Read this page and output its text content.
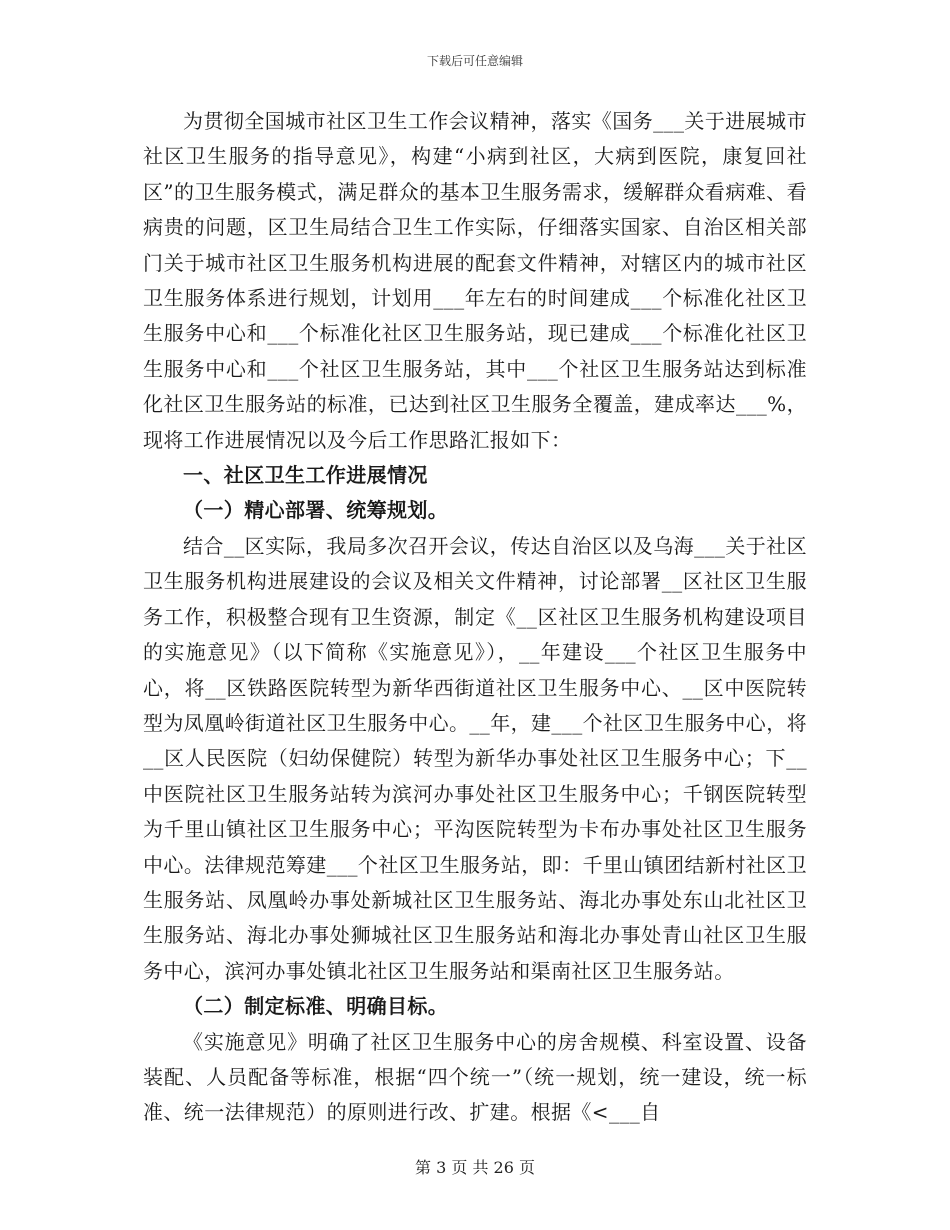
下载后可任意编辑

为贯彻全国城市社区卫生工作会议精神，落实《国务___关于进展城市社区卫生服务的指导意见》，构建“小病到社区，大病到医院，康复回社区”的卫生服务模式，满足群众的基本卫生服务需求，缓解群众看病难、看病贵的问题，区卫生局结合卫生工作实际，仔细落实国家、自治区相关部门关于城市社区卫生服务机构进展的配套文件精神，对辖区内的城市社区卫生服务体系进行规划，计划用___年左右的时间建成___个标准化社区卫生服务中心和___个标准化社区卫生服务站，现已建成___个标准化社区卫生服务中心和___个社区卫生服务站，其中___个社区卫生服务站达到标准化社区卫生服务站的标准，已达到社区卫生服务全覆盖，建成率达___%，现将工作进展情况以及今后工作思路汇报如下：

一、社区卫生工作进展情况
（一）精心部署、统筹规划。

结合__区实际，我局多次召开会议，传达自治区以及乌海___关于社区卫生服务机构进展建设的会议及相关文件精神，讨论部署__区社区卫生服务工作，积极整合现有卫生资源，制定《__区社区卫生服务机构建设项目的实施意见》（以下简称《实施意见》），__年建设___个社区卫生服务中心，将__区铁路医院转型为新华西街道社区卫生服务中心、__区中医院转型为凤凰岭街道社区卫生服务中心。__年，建___个社区卫生服务中心，将__区人民医院（妇幼保健院）转型为新华办事处社区卫生服务中心；下__中医院社区卫生服务站转为滨河办事处社区卫生服务中心；千钢医院转型为千里山镇社区卫生服务中心；平沟医院转型为卡布办事处社区卫生服务中心。法律规范筹建___个社区卫生服务站，即：千里山镇团结新村社区卫生服务站、凤凰岭办事处新城社区卫生服务站、海北办事处东山北社区卫生服务站、海北办事处狮城社区卫生服务站和海北办事处青山社区卫生服务中心，滨河办事处镇北社区卫生服务站和渠南社区卫生服务站。

（二）制定标准、明确目标。

《实施意见》明确了社区卫生服务中心的房舍规模、科室设置、设备装配、人员配备等标准，根据“四个统一”（统一规划，统一建设，统一标准、统一法律规范）的原则进行改、扩建。根据《<___自

第 3 页 共 26 页
